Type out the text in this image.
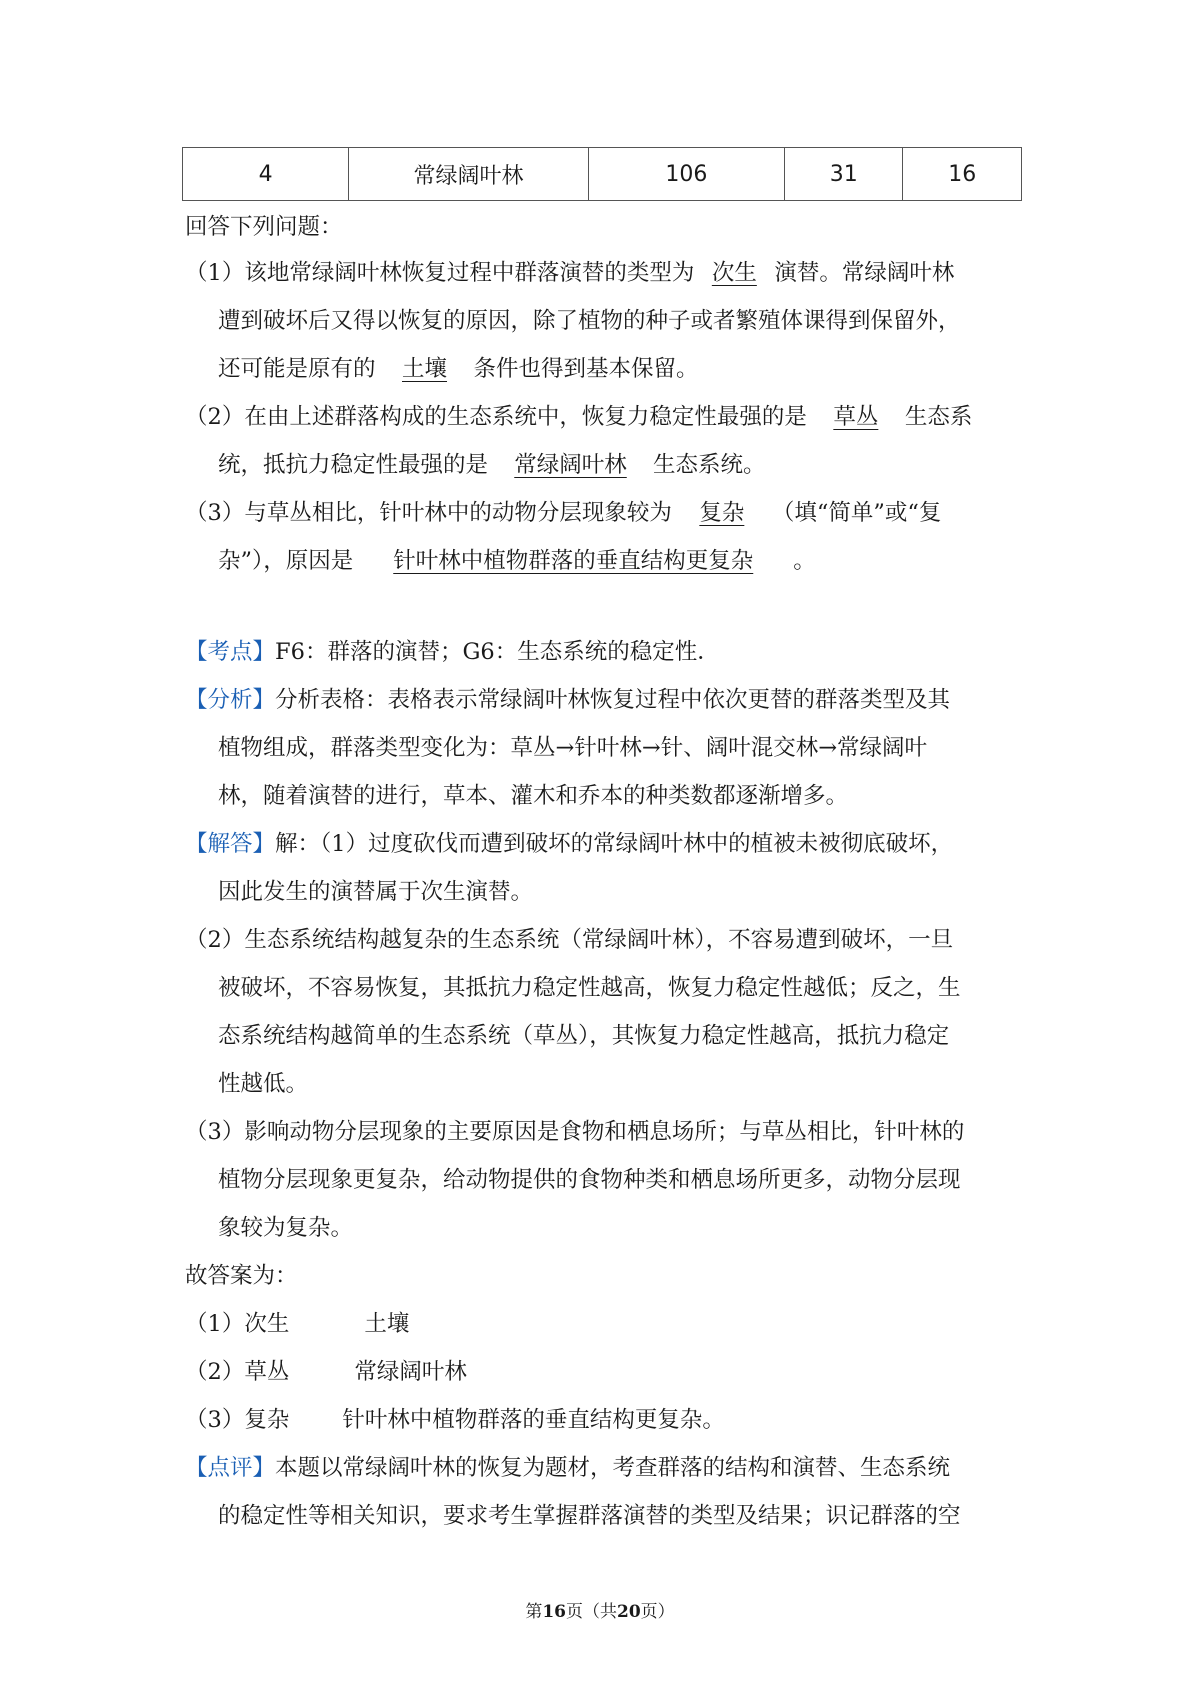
4	常绿阔叶林	106	31	16
回答下列问题：
（1）该地常绿阔叶林恢复过程中群落演替的类型为 次生 演替。常绿阔叶林
遭到破坏后又得以恢复的原因，除了植物的种子或者繁殖体课得到保留外，
还可能是原有的 土壤 条件也得到基本保留。
（2）在由上述群落构成的生态系统中，恢复力稳定性最强的是 草丛 生态系
统，抵抗力稳定性最强的是 常绿阔叶林 生态系统。
（3）与草丛相比，针叶林中的动物分层现象较为 复杂 （填“简单”或“复
杂”），原因是 针叶林中植物群落的垂直结构更复杂 。
【考点】F6：群落的演替；G6：生态系统的稳定性．
【分析】分析表格：表格表示常绿阔叶林恢复过程中依次更替的群落类型及其
植物组成，群落类型变化为：草丛→针叶林→针、阔叶混交林→常绿阔叶
林，随着演替的进行，草本、灌木和乔本的种类数都逐渐增多。
【解答】解：（1）过度砍伐而遭到破坏的常绿阔叶林中的植被未被彻底破坏，
因此发生的演替属于次生演替。
（2）生态系统结构越复杂的生态系统（常绿阔叶林），不容易遭到破坏，一旦
被破坏，不容易恢复，其抵抗力稳定性越高，恢复力稳定性越低；反之，生
态系统结构越简单的生态系统（草丛），其恢复力稳定性越高，抵抗力稳定
性越低。
（3）影响动物分层现象的主要原因是食物和栖息场所；与草丛相比，针叶林的
植物分层现象更复杂，给动物提供的食物种类和栖息场所更多，动物分层现
象较为复杂。
故答案为：
（1）次生	土壤
（2）草丛	常绿阔叶林
（3）复杂 针叶林中植物群落的垂直结构更复杂。
【点评】本题以常绿阔叶林的恢复为题材，考查群落的结构和演替、生态系统
的稳定性等相关知识，要求考生掌握群落演替的类型及结果；识记群落的空
第16页（共20页）
